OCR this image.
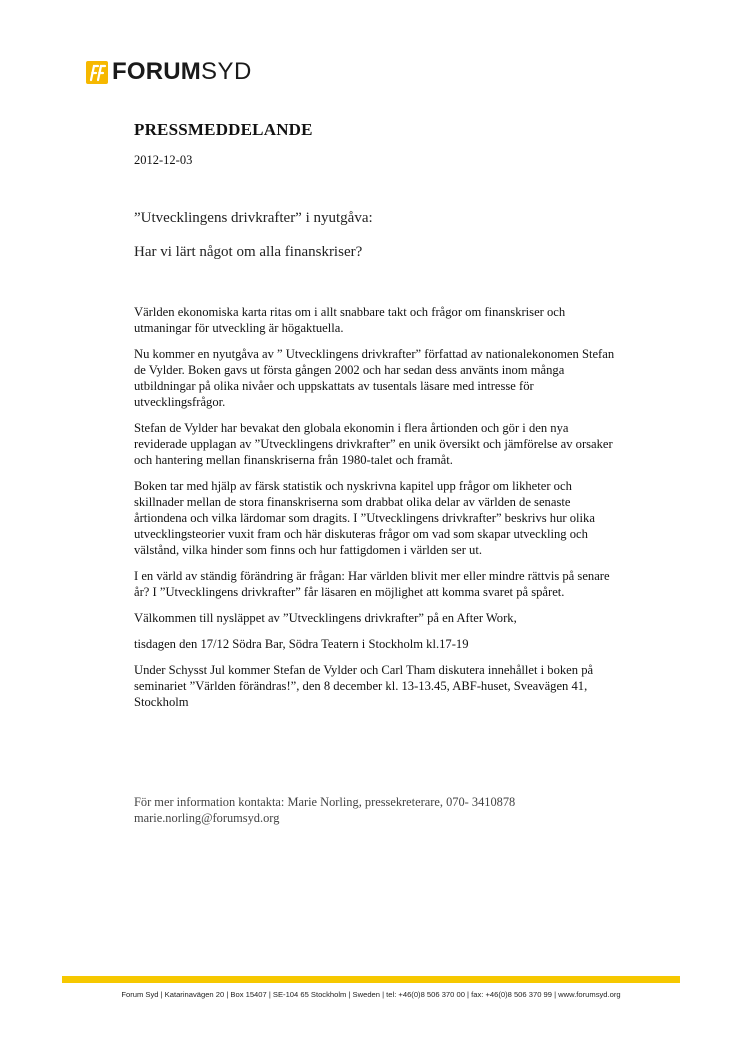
FORUM SYD
PRESSMEDDELANDE
2012-12-03
”Utvecklingens drivkrafter” i nyutgåva:
Har vi lärt något om alla finanskriser?

Världen ekonomiska karta ritas om i allt snabbare takt och frågor om finanskriser och utmaningar för utveckling är högaktuella.

Nu kommer en nyutgåva av ” Utvecklingens drivkrafter” författad av nationalekonomen Stefan de Vylder. Boken gavs ut första gången 2002 och har sedan dess använts inom många utbildningar på olika nivåer och uppskattats av tusentals läsare med intresse för utvecklingsfrågor.

Stefan de Vylder har bevakat den globala ekonomin i flera årtionden och gör i den nya reviderade upplagan av ”Utvecklingens drivkrafter” en unik översikt och jämförelse av orsaker och hantering mellan finanskriserna från 1980-talet och framåt.

Boken tar med hjälp av färsk statistik och nyskrivna kapitel upp frågor om likheter och skillnader mellan de stora finanskriserna som drabbat olika delar av världen de senaste årtiondena och vilka lärdomar som dragits. I ”Utvecklingens drivkrafter” beskrivs hur olika utvecklingsteorier vuxit fram och här diskuteras frågor om vad som skapar utveckling och välstånd, vilka hinder som finns och hur fattigdomen i världen ser ut.

I en värld av ständig förändring är frågan: Har världen blivit mer eller mindre rättvis på senare år? I ”Utvecklingens drivkrafter” får läsaren en möjlighet att komma svaret på spåret.

Välkommen till nysläppet av ”Utvecklingens drivkrafter” på en After Work,

tisdagen den 17/12 Södra Bar, Södra Teatern i Stockholm kl.17-19

Under Schysst Jul kommer Stefan de Vylder och Carl Tham diskutera innehållet i boken på seminariet ”Världen förändras!”, den 8 december kl. 13-13.45, ABF-huset, Sveavägen 41, Stockholm

För mer information kontakta: Marie Norling, pressekreterare, 070- 3410878
marie.norling@forumsyd.org
Forum Syd | Katarinavägen 20 | Box 15407 | SE-104 65 Stockholm | Sweden | tel: +46(0)8 506 370 00 | fax: +46(0)8 506 370 99 | www.forumsyd.org
